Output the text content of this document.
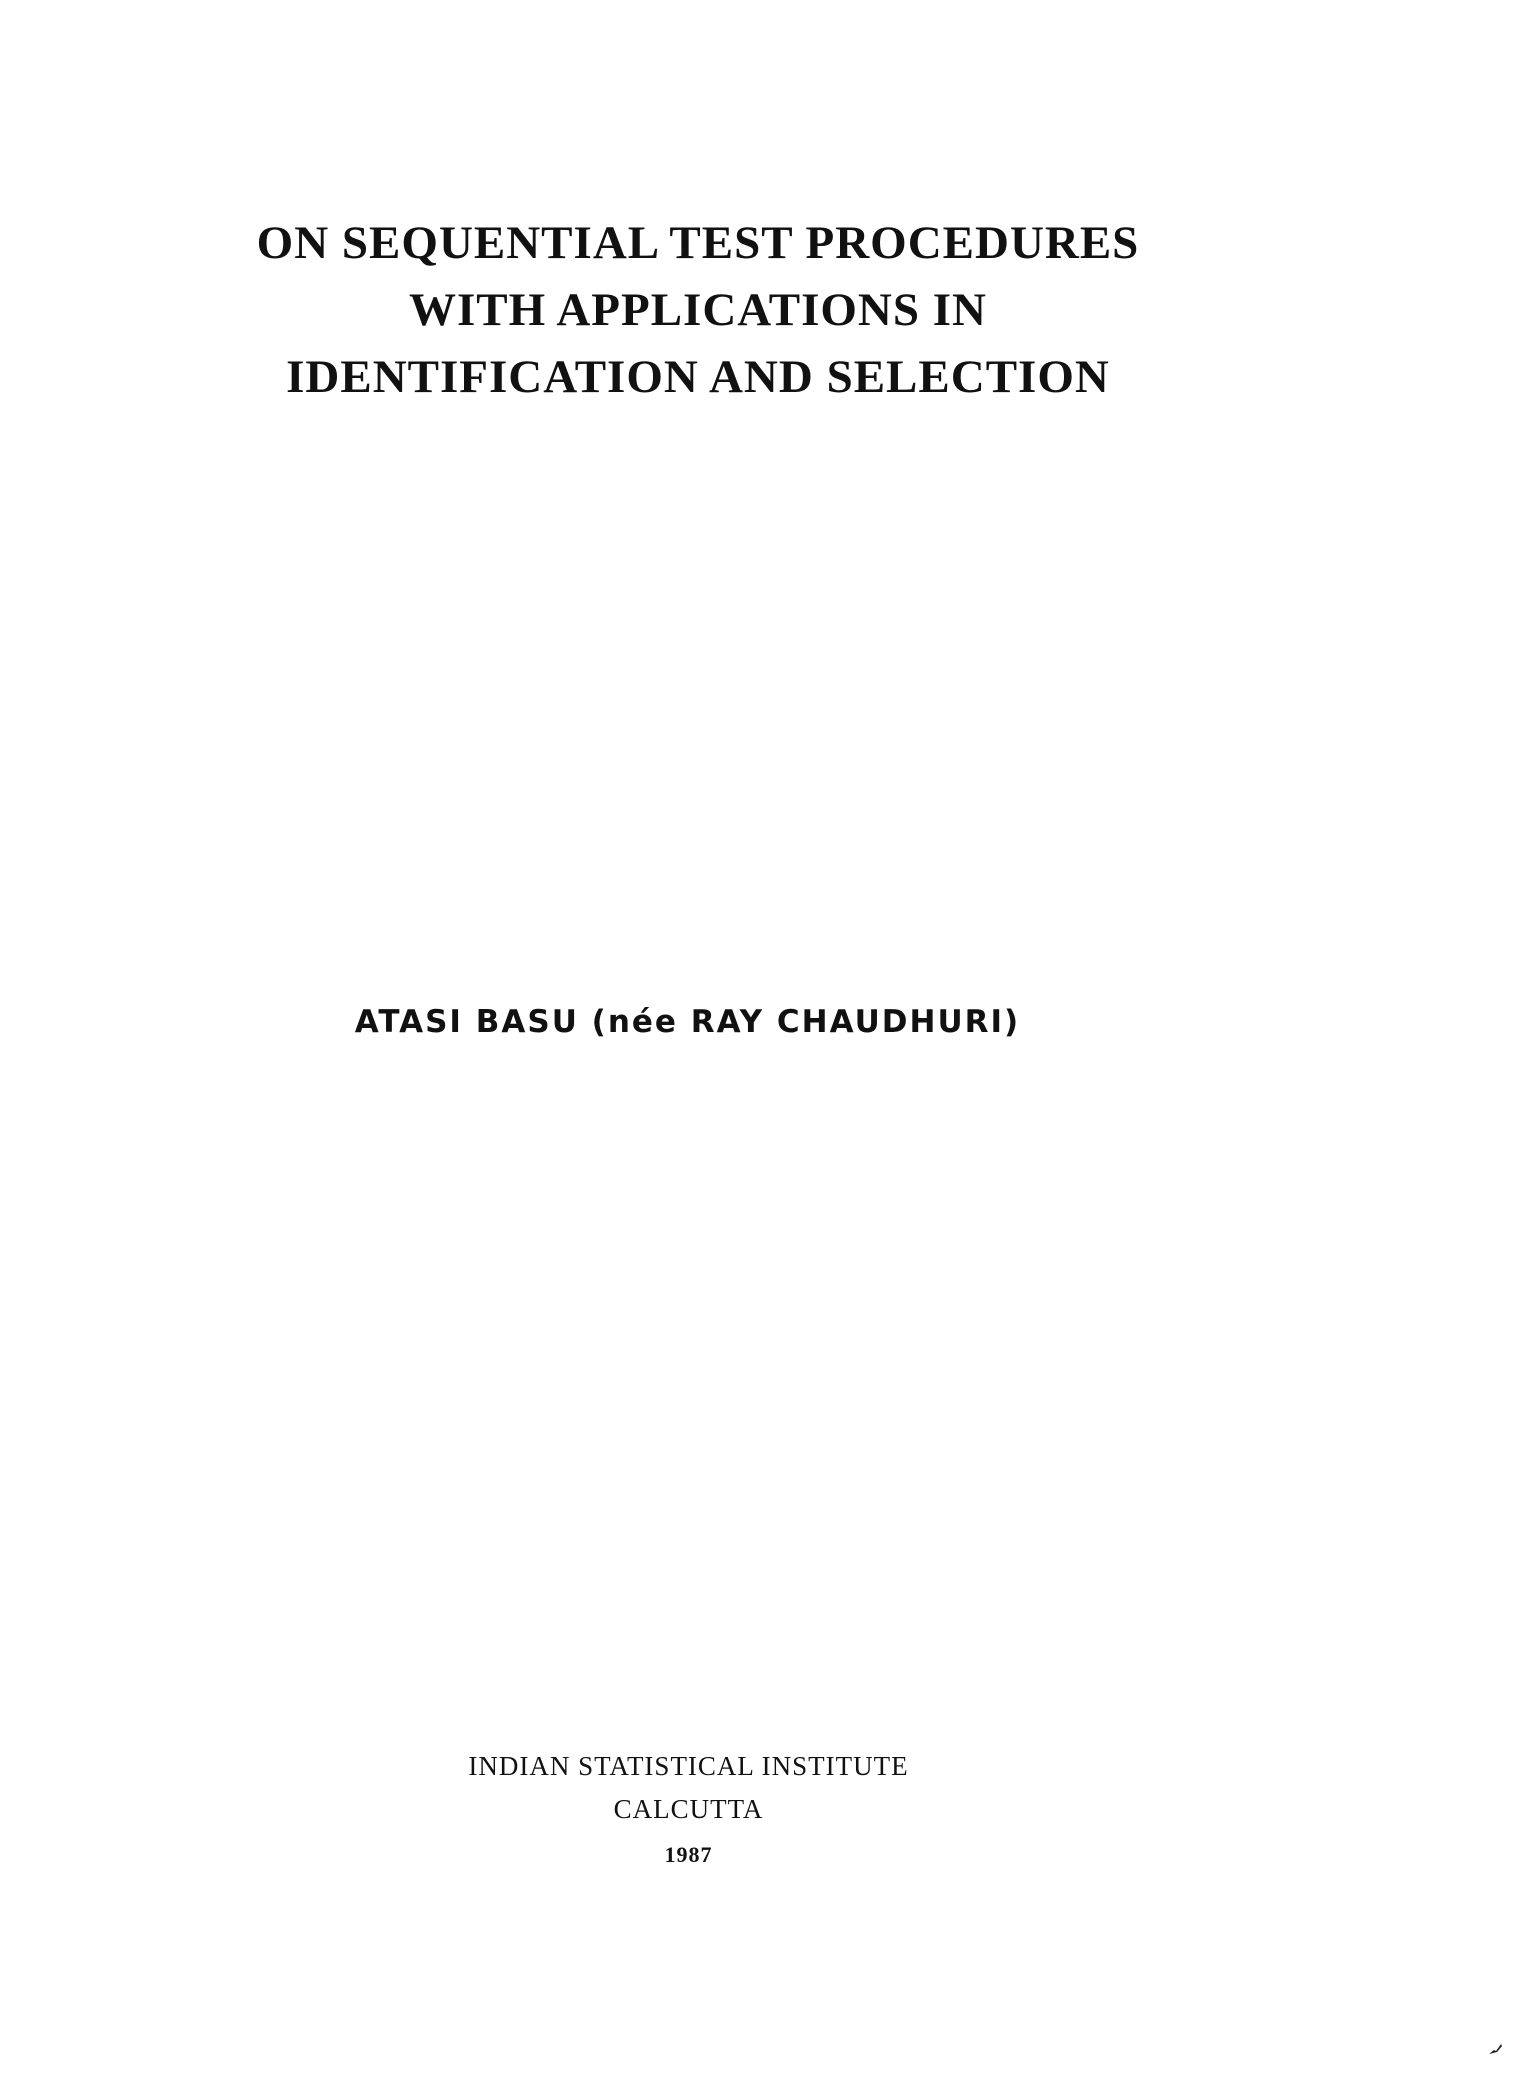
ON SEQUENTIAL TEST PROCEDURES
WITH APPLICATIONS IN
IDENTIFICATION AND SELECTION
ATASI BASU (née RAY CHAUDHURI)
INDIAN STATISTICAL INSTITUTE
CALCUTTA
1987
